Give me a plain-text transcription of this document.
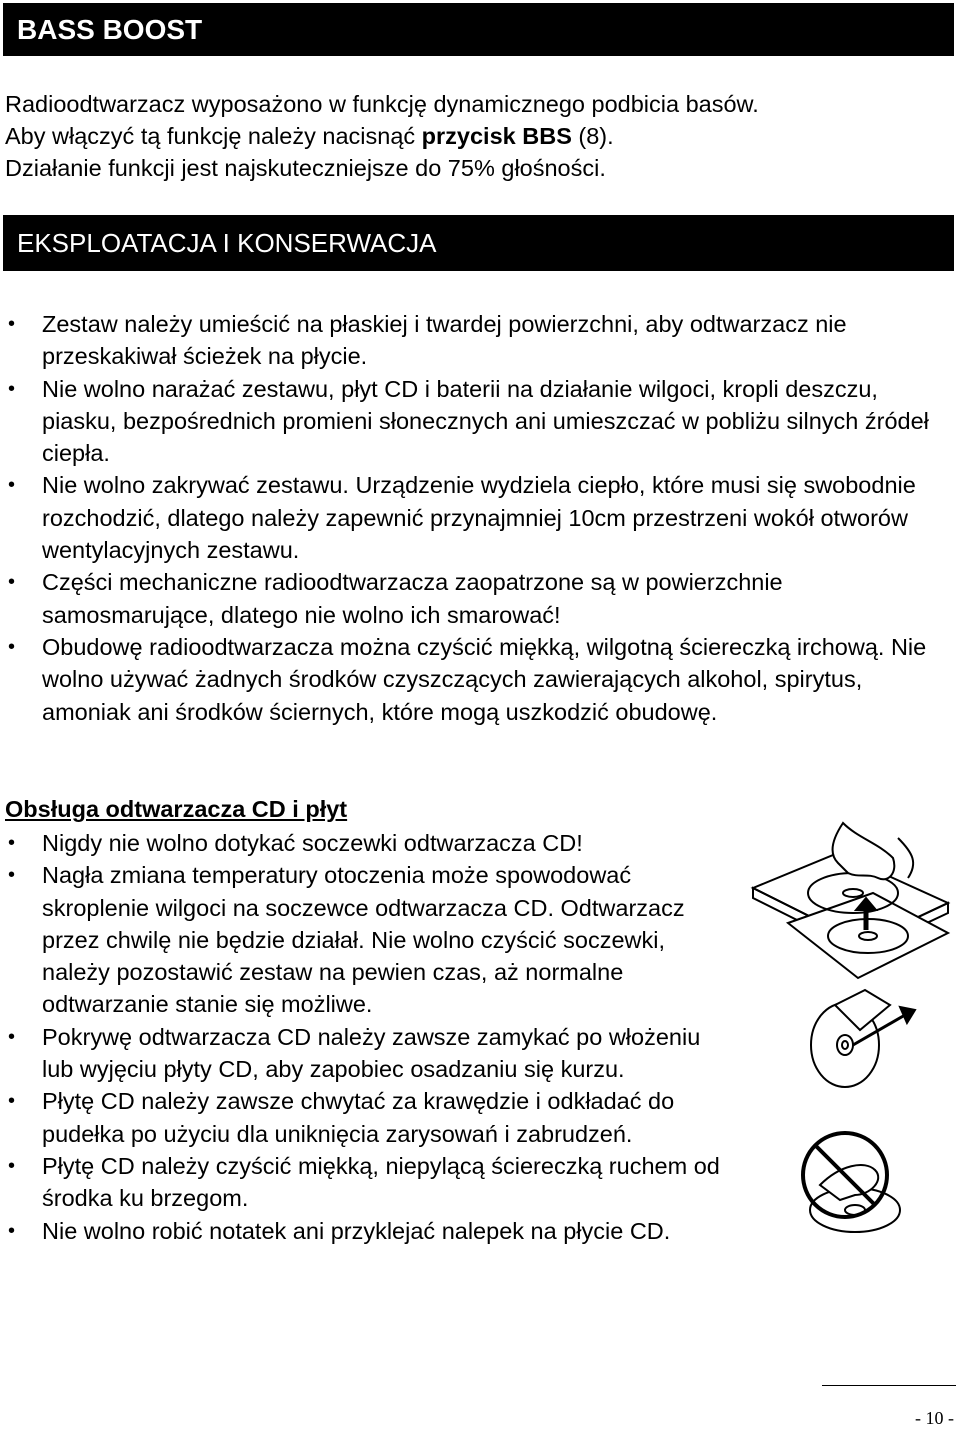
BASS BOOST

Radioodtwarzacz wyposażono w funkcję dynamicznego podbicia basów.

Aby włączyć tą funkcję należy nacisnąć przycisk BBS (8).

Działanie funkcji jest najskuteczniejsze do 75% głośności.

EKSPLOATACJA I KONSERWACJA
• Zestaw należy umieścić na płaskiej i twardej powierzchni, aby odtwarzacz nie przeskakiwał ścieżek na płycie.
• Nie wolno narażać zestawu, płyt CD i baterii na działanie wilgoci, kropli deszczu, piasku, bezpośrednich promieni słonecznych ani umieszczać w pobliżu silnych źródeł ciepła.
• Nie wolno zakrywać zestawu. Urządzenie wydziela ciepło, które musi się swobodnie rozchodzić, dlatego należy zapewnić przynajmniej 10cm przestrzeni wokół otworów wentylacyjnych zestawu.
• Części mechaniczne radioodtwarzacza zaopatrzone są w powierzchnie samosmarujące, dlatego nie wolno ich smarować!
• Obudowę radioodtwarzacza można czyścić miękką, wilgotną ściereczką irchową. Nie wolno używać żadnych środków czyszczących zawierających alkohol, spirytus, amoniak ani środków ściernych, które mogą uszkodzić obudowę.
Obsługa odtwarzacza CD i płyt
• Nigdy nie wolno dotykać soczewki odtwarzacza CD!
• Nagła zmiana temperatury otoczenia może spowodować skroplenie wilgoci na soczewce odtwarzacza CD. Odtwarzacz przez chwilę nie będzie działał. Nie wolno czyścić soczewki, należy pozostawić zestaw na pewien czas, aż normalne odtwarzanie stanie się możliwe.
• Pokrywę odtwarzacza CD należy zawsze zamykać po włożeniu lub wyjęciu płyty CD, aby zapobiec osadzaniu się kurzu.
• Płytę CD należy zawsze chwytać za krawędzie i odkładać do pudełka po użyciu dla uniknięcia zarysowań i zabrudzeń.
• Płytę CD należy czyścić miękką, niepylącą ściereczką ruchem od środka ku brzegom.
• Nie wolno robić notatek ani przyklejać nalepek na płycie CD.
- 10 -
